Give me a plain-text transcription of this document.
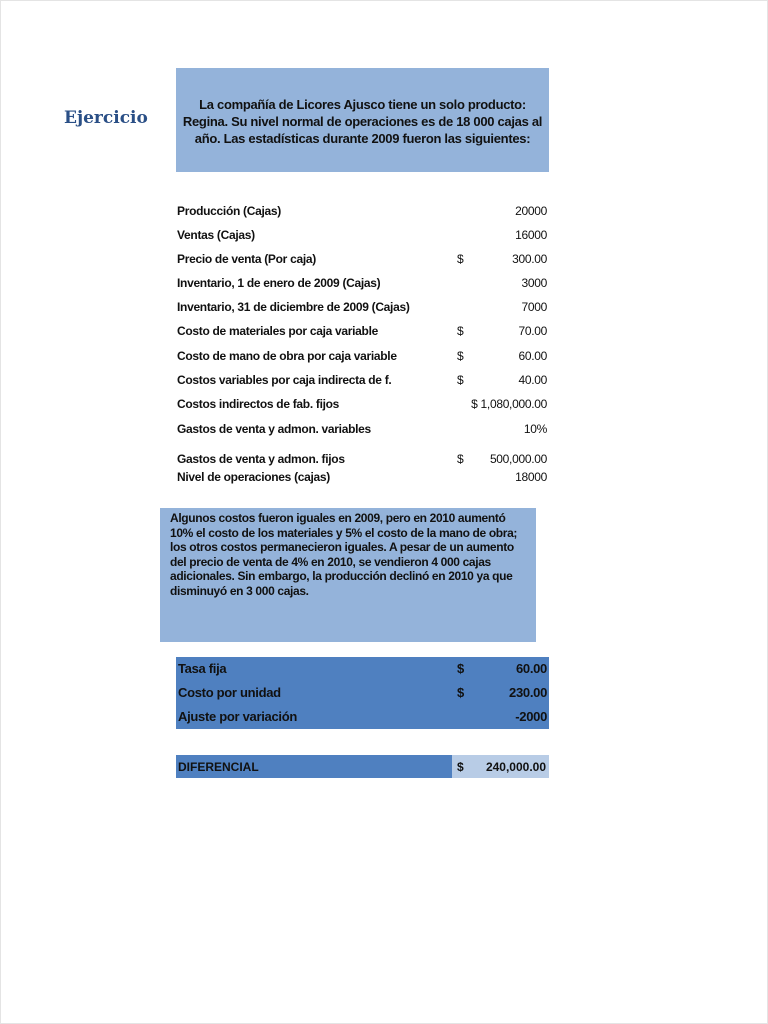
Ejercicio
La compañía de Licores Ajusco tiene un solo producto: Regina. Su nivel normal de operaciones es de 18 000 cajas al año. Las estadísticas durante 2009 fueron las siguientes:
Producción (Cajas)	20000
Ventas (Cajas)	16000
Precio de venta (Por caja)	$	300.00
Inventario, 1 de enero de 2009 (Cajas)	3000
Inventario, 31 de diciembre de 2009 (Cajas)	7000
Costo de materiales por caja variable	$	70.00
Costo de mano de obra por caja variable	$	60.00
Costos variables por caja indirecta de f.	$	40.00
Costos indirectos de fab. fijos	$ 1,080,000.00
Gastos de venta y admon. variables	10%
Gastos de venta y admon. fijos	$ 500,000.00
Nivel de operaciones (cajas)	18000
Algunos costos fueron iguales en 2009, pero en 2010 aumentó 10% el costo de los materiales y 5% el costo de la mano de obra; los otros costos permanecieron iguales. A pesar de un aumento del precio de venta de 4% en 2010, se vendieron 4 000 cajas adicionales. Sin embargo, la producción declinó en 2010 ya que disminuyó en 3 000 cajas.
Tasa fija	$	60.00
Costo por unidad	$	230.00
Ajuste por variación	-2000
DIFERENCIAL	$ 240,000.00
